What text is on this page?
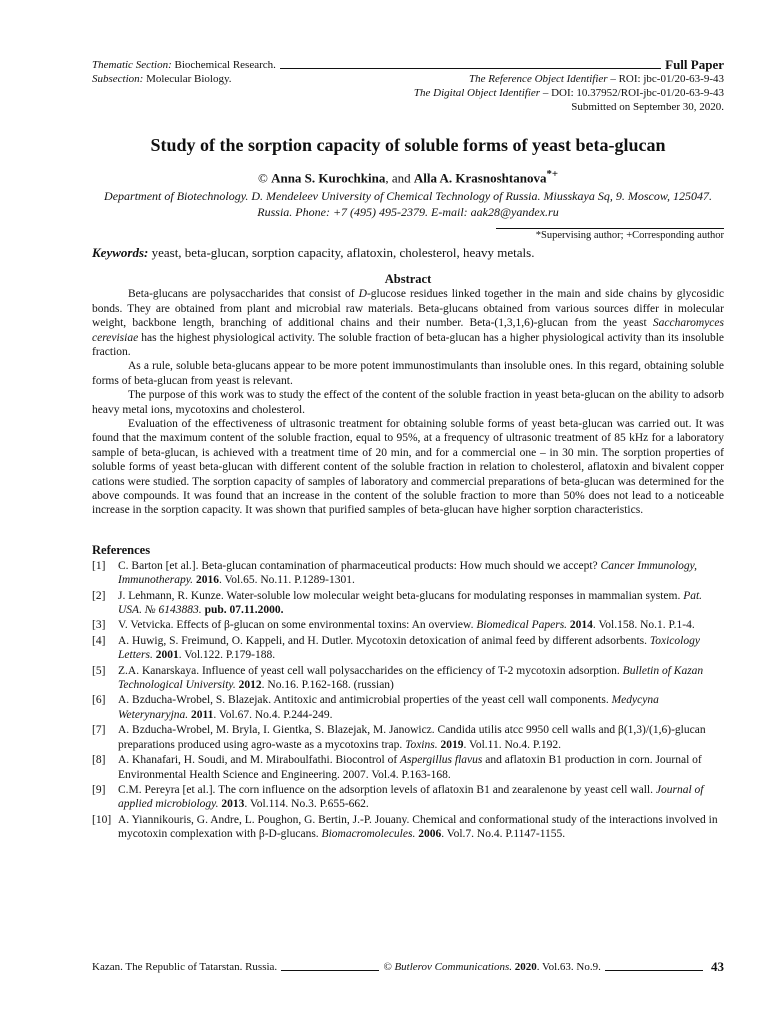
Thematic Section:
Biochemical Research.	Full Paper
Subsection: Molecular Biology.	The Reference Object Identifier – ROI: jbc-01/20-63-9-43
The Digital Object Identifier – DOI: 10.37952/ROI-jbc-01/20-63-9-43
Submitted on September 30, 2020.
Study of the sorption capacity of soluble forms of yeast beta-glucan
© Anna S. Kurochkina, and Alla A. Krasnoshtanova*+
Department of Biotechnology. D. Mendeleev University of Chemical Technology of Russia. Miusskaya Sq, 9. Moscow, 125047. Russia. Phone: +7 (495) 495-2379. E-mail: aak28@yandex.ru
*Supervising author; +Corresponding author
Keywords: yeast, beta-glucan, sorption capacity, aflatoxin, cholesterol, heavy metals.
Abstract

Beta-glucans are polysaccharides that consist of D-glucose residues linked together in the main and side chains by glycosidic bonds. They are obtained from plant and microbial raw materials. Beta-glucans obtained from various sources differ in molecular weight, backbone length, branching of additional chains and their number. Beta-(1,3,1,6)-glucan from the yeast Saccharomyces cerevisiae has the highest physiological activity. The soluble fraction of beta-glucan has a higher physiological activity than its insoluble fraction.

As a rule, soluble beta-glucans appear to be more potent immunostimulants than insoluble ones. In this regard, obtaining soluble forms of beta-glucan from yeast is relevant.

The purpose of this work was to study the effect of the content of the soluble fraction in yeast beta-glucan on the ability to adsorb heavy metal ions, mycotoxins and cholesterol.

Evaluation of the effectiveness of ultrasonic treatment for obtaining soluble forms of yeast beta-glucan was carried out. It was found that the maximum content of the soluble fraction, equal to 95%, at a frequency of ultrasonic treatment of 85 kHz for a laboratory sample of beta-glucan, is achieved with a treatment time of 20 min, and for a commercial one – in 30 min. The sorption properties of soluble forms of yeast beta-glucan with different content of the soluble fraction in relation to cholesterol, aflatoxin and bivalent copper cations were studied. The sorption capacity of samples of laboratory and commercial preparations of beta-glucan was determined for the above compounds. It was found that an increase in the content of the soluble fraction to more than 50% does not lead to a noticeable increase in the sorption capacity. It was shown that purified samples of beta-glucan have higher sorption characteristics.

References
[1]	C. Barton [et al.]. Beta-glucan contamination of pharmaceutical products: How much should we accept? Cancer Immunology, Immunotherapy. 2016. Vol.65. No.11. P.1289-1301.
[2]	J. Lehmann, R. Kunze. Water-soluble low molecular weight beta-glucans for modulating responses in mammalian system. Pat. USA. № 6143883. pub. 07.11.2000.
[3]	V. Vetvicka. Effects of β-glucan on some environmental toxins: An overview. Biomedical Papers. 2014. Vol.158. No.1. P.1-4.
[4]	A. Huwig, S. Freimund, O. Kappeli, and H. Dutler. Mycotoxin detoxication of animal feed by different adsorbents. Toxicology Letters. 2001. Vol.122. P.179-188.
[5]	Z.A. Kanarskaya. Influence of yeast cell wall polysaccharides on the efficiency of T-2 mycotoxin adsorption. Bulletin of Kazan Technological University. 2012. No.16. P.162-168. (russian)
[6]	A. Bzducha-Wrobel, S. Blazejak. Antitoxic and antimicrobial properties of the yeast cell wall components. Medycyna Weterynaryjna. 2011. Vol.67. No.4. P.244-249.
[7]	A. Bzducha-Wrobel, M. Bryla, I. Gientka, S. Blazejak, M. Janowicz. Candida utilis atcc 9950 cell walls and β(1,3)/(1,6)-glucan preparations produced using agro-waste as a mycotoxins trap. Toxins. 2019. Vol.11. No.4. P.192.
[8]	A. Khanafari, H. Soudi, and M. Miraboulfathi. Biocontrol of Aspergillus flavus and aflatoxin B1 production in corn. Journal of Environmental Health Science and Engineering. 2007. Vol.4. P.163-168.
[9]	C.M. Pereyra [et al.]. The corn influence on the adsorption levels of aflatoxin B1 and zearalenone by yeast cell wall. Journal of applied microbiology. 2013. Vol.114. No.3. P.655-662.
[10] A. Yiannikouris, G. Andre, L. Poughon, G. Bertin, J.-P. Jouany. Chemical and conformational study of the interactions involved in mycotoxin complexation with β-D-glucans. Biomacromolecules. 2006. Vol.7. No.4. P.1147-1155.
Kazan. The Republic of Tatarstan. Russia.	© Butlerov Communications. 2020. Vol.63. No.9.	43
